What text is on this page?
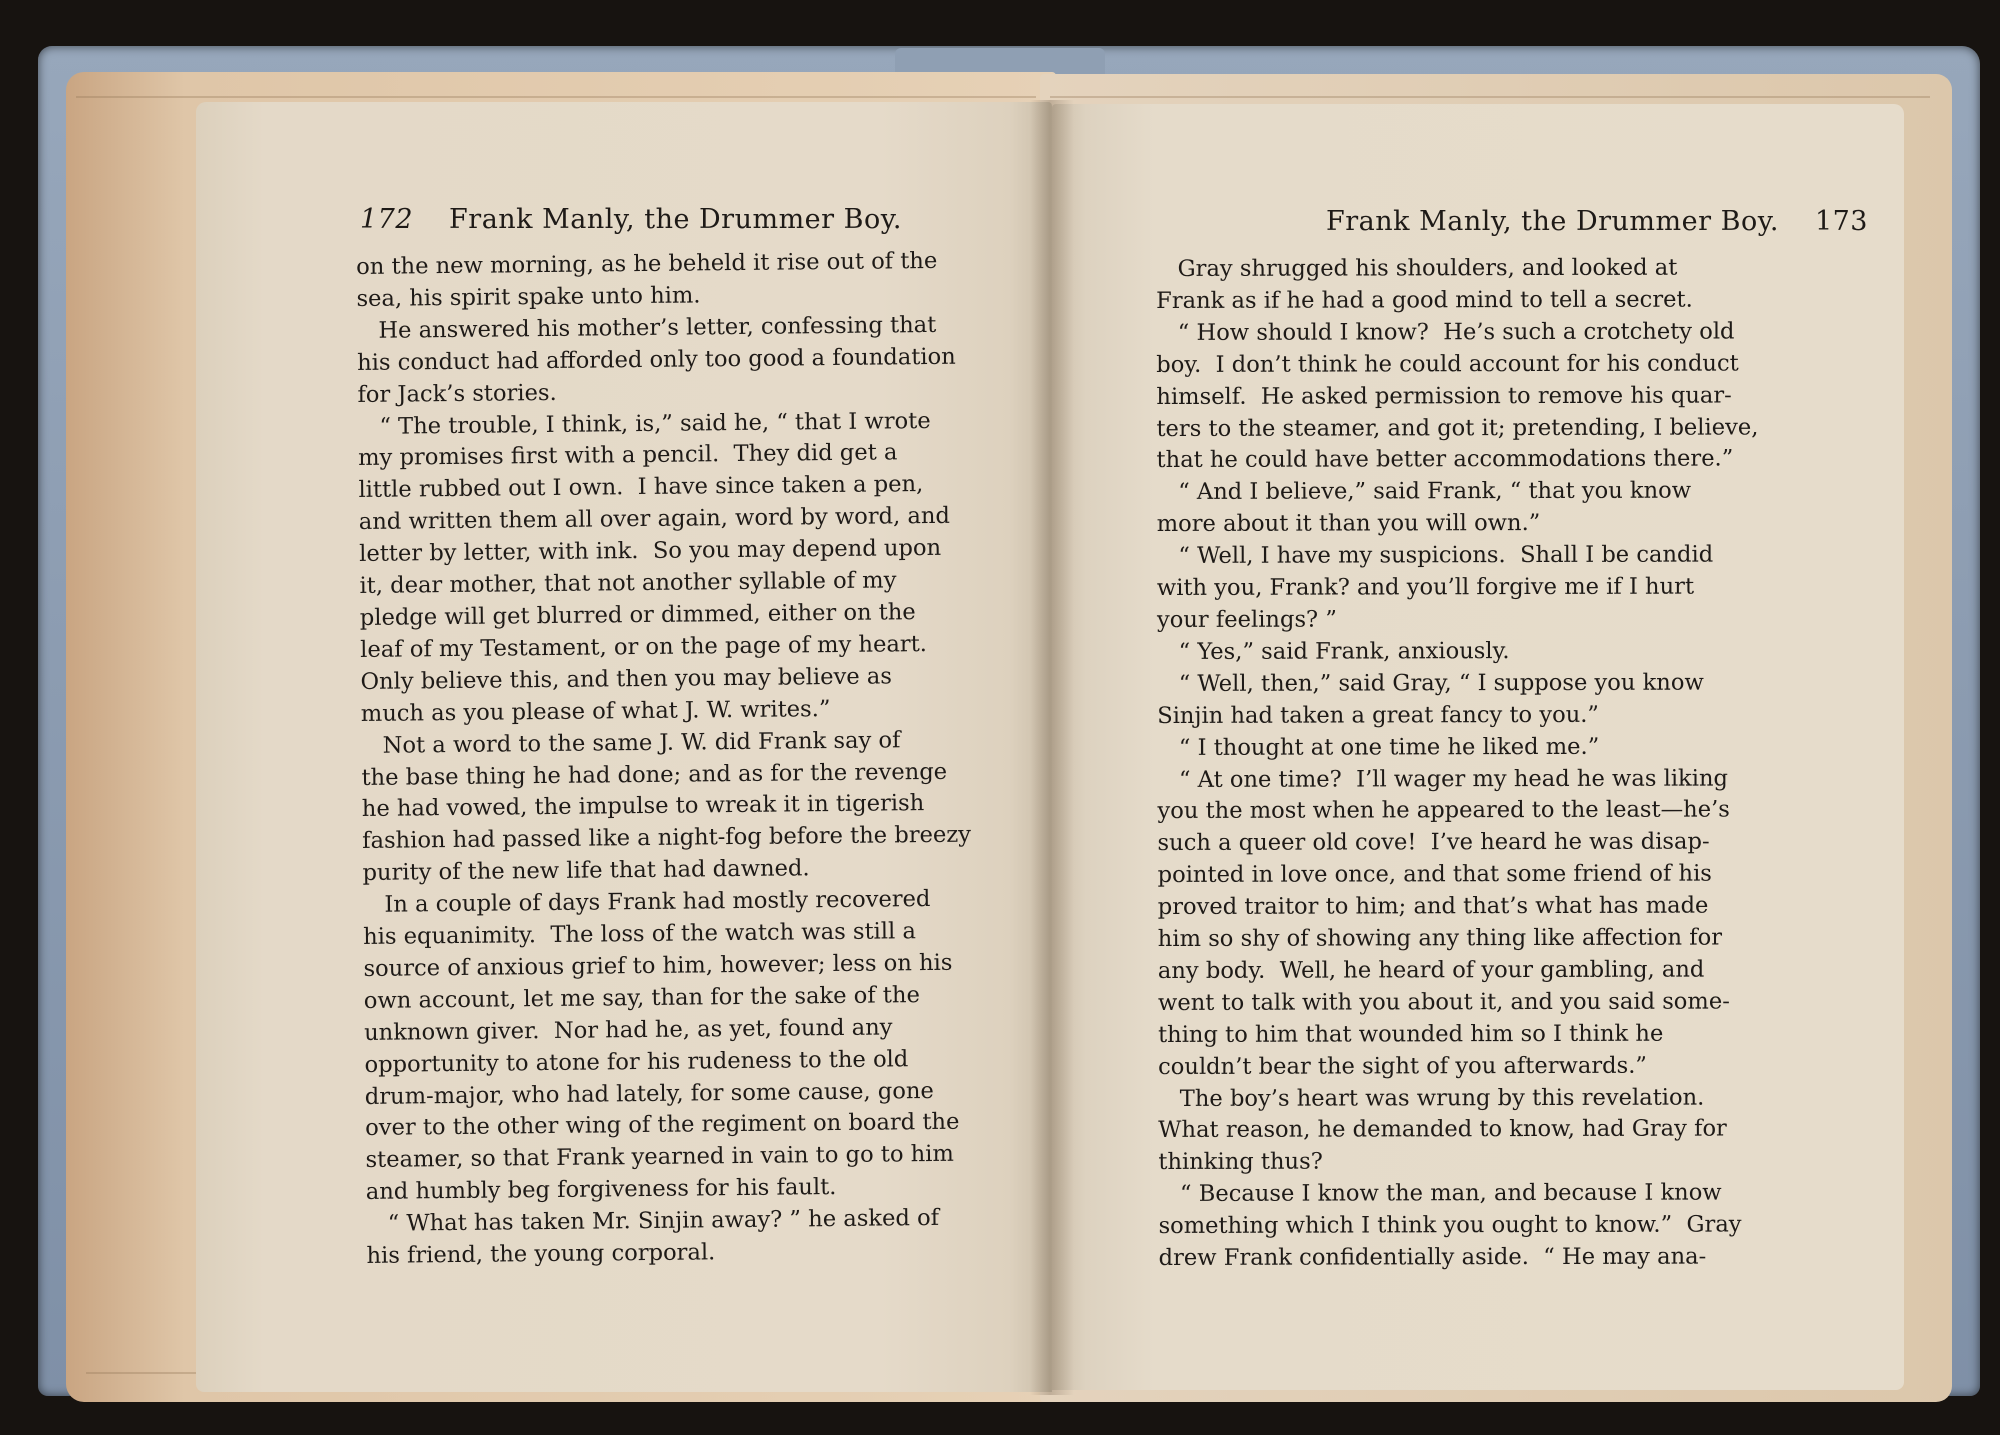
172 Frank Manly, the Drummer Boy.
on the new morning, as he beheld it rise out of the
sea, his spirit spake unto him.
He answered his mother’s letter, confessing that
his conduct had afforded only too good a foundation
for Jack’s stories.
“ The trouble, I think, is,” said he, “ that I wrote
my promises first with a pencil.  They did get a
little rubbed out I own.  I have since taken a pen,
and written them all over again, word by word, and
letter by letter, with ink.  So you may depend upon
it, dear mother, that not another syllable of my
pledge will get blurred or dimmed, either on the
leaf of my Testament, or on the page of my heart.
Only believe this, and then you may believe as
much as you please of what J. W. writes.”
Not a word to the same J. W. did Frank say of
the base thing he had done; and as for the revenge
he had vowed, the impulse to wreak it in tigerish
fashion had passed like a night-fog before the breezy
purity of the new life that had dawned.
In a couple of days Frank had mostly recovered
his equanimity.  The loss of the watch was still a
source of anxious grief to him, however; less on his
own account, let me say, than for the sake of the
unknown giver.  Nor had he, as yet, found any
opportunity to atone for his rudeness to the old
drum-major, who had lately, for some cause, gone
over to the other wing of the regiment on board the
steamer, so that Frank yearned in vain to go to him
and humbly beg forgiveness for his fault.
“ What has taken Mr. Sinjin away? ” he asked of
his friend, the young corporal.
Frank Manly, the Drummer Boy. 173
Gray shrugged his shoulders, and looked at
Frank as if he had a good mind to tell a secret.
“ How should I know?  He’s such a crotchety old
boy.  I don’t think he could account for his conduct
himself.  He asked permission to remove his quar-
ters to the steamer, and got it; pretending, I believe,
that he could have better accommodations there.”
“ And I believe,” said Frank, “ that you know
more about it than you will own.”
“ Well, I have my suspicions.  Shall I be candid
with you, Frank? and you’ll forgive me if I hurt
your feelings? ”
“ Yes,” said Frank, anxiously.
“ Well, then,” said Gray, “ I suppose you know
Sinjin had taken a great fancy to you.”
“ I thought at one time he liked me.”
“ At one time?  I’ll wager my head he was liking
you the most when he appeared to the least—he’s
such a queer old cove!  I’ve heard he was disap-
pointed in love once, and that some friend of his
proved traitor to him; and that’s what has made
him so shy of showing any thing like affection for
any body.  Well, he heard of your gambling, and
went to talk with you about it, and you said some-
thing to him that wounded him so I think he
couldn’t bear the sight of you afterwards.”
The boy’s heart was wrung by this revelation.
What reason, he demanded to know, had Gray for
thinking thus?
“ Because I know the man, and because I know
something which I think you ought to know.”  Gray
drew Frank confidentially aside.  “ He may ana-
